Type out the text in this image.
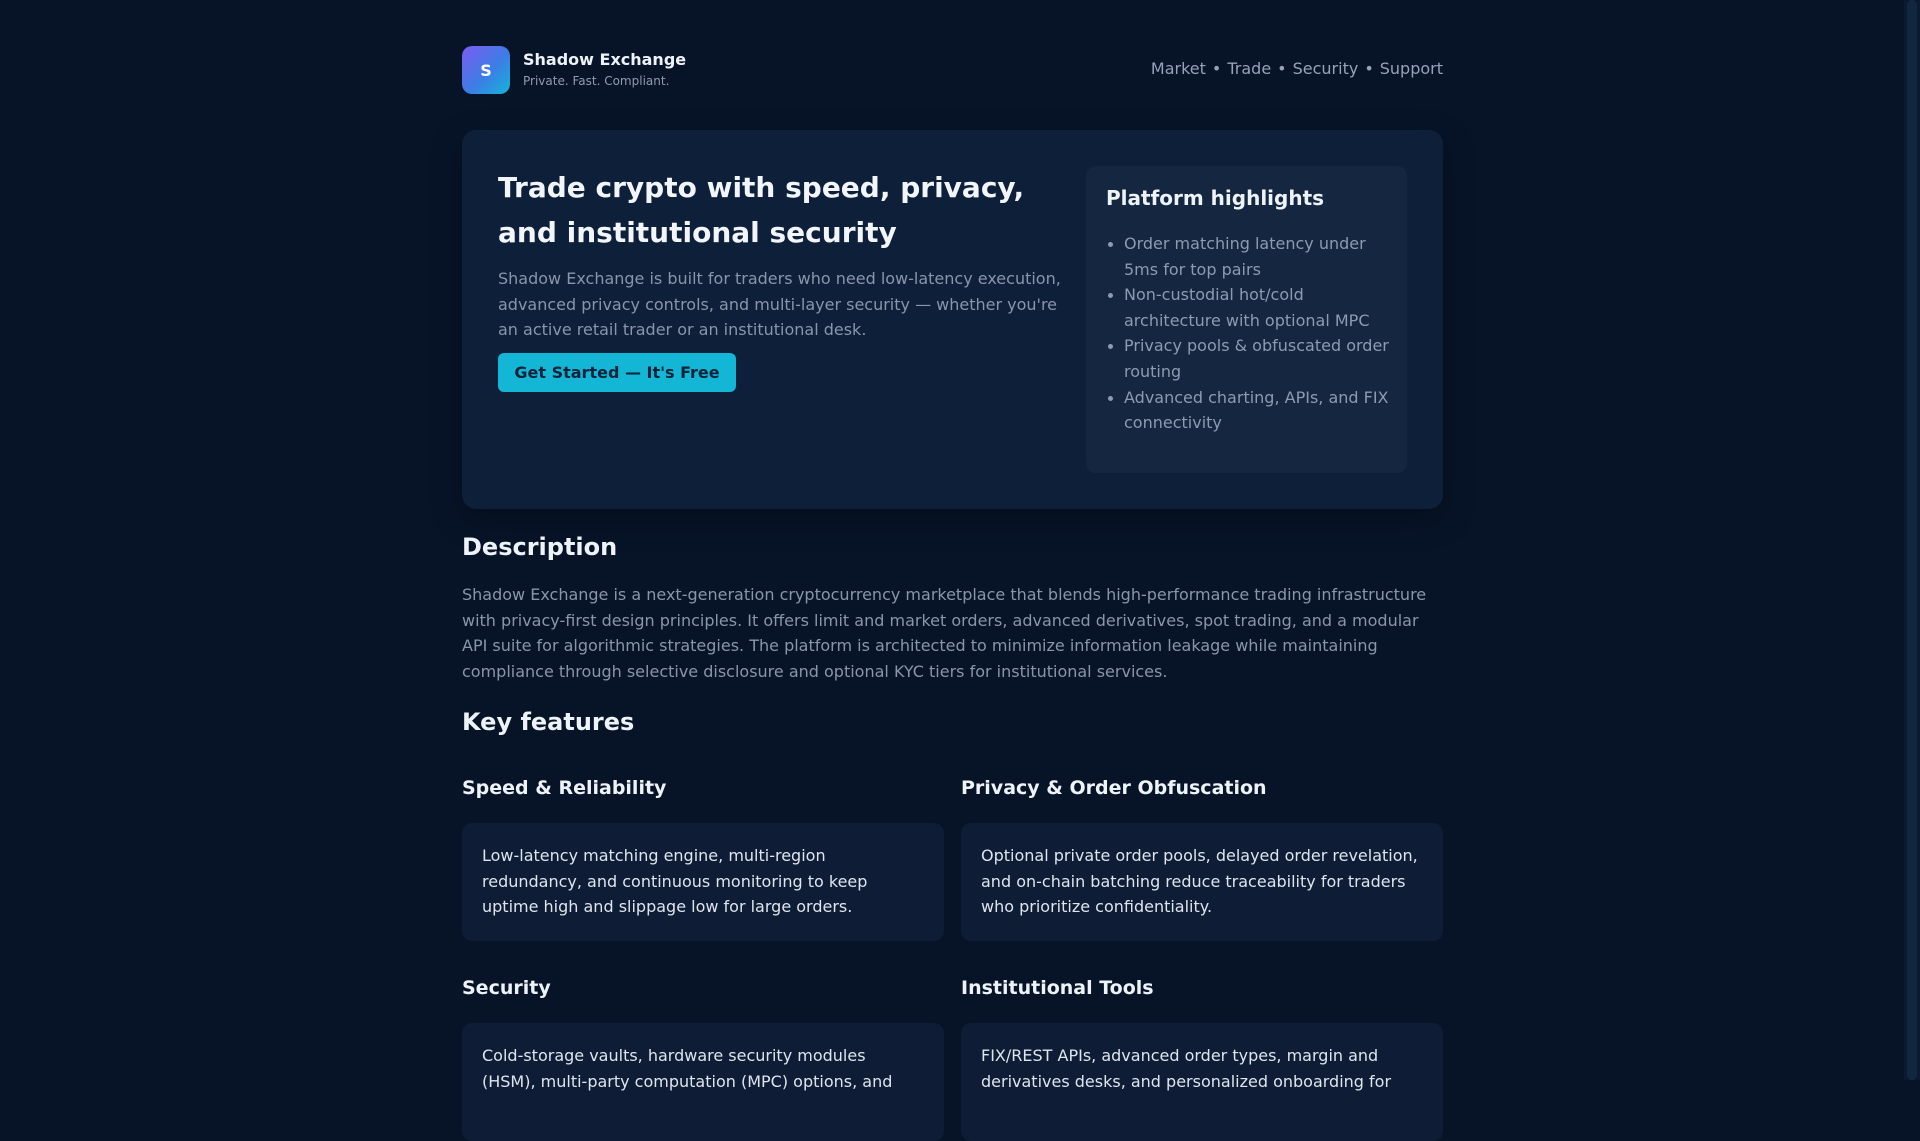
S
Shadow Exchange
Private. Fast. Compliant.
Market • Trade • Security • Support
Trade crypto with speed, privacy, and institutional security

Shadow Exchange is built for traders who need low-latency execution, advanced privacy controls, and multi-layer security — whether you're an active retail trader or an institutional desk.

Get Started — It's Free
Platform highlights
Order matching latency under 5ms for top pairs
Non-custodial hot/cold architecture with optional MPC
Privacy pools & obfuscated order routing
Advanced charting, APIs, and FIX connectivity
Description

Shadow Exchange is a next-generation cryptocurrency marketplace that blends high-performance trading infrastructure with privacy-first design principles. It offers limit and market orders, advanced derivatives, spot trading, and a modular API suite for algorithmic strategies. The platform is architected to minimize information leakage while maintaining compliance through selective disclosure and optional KYC tiers for institutional services.

Key features
Speed & Reliability
Low-latency matching engine, multi-region redundancy, and continuous monitoring to keep uptime high and slippage low for large orders.
Privacy & Order Obfuscation
Optional private order pools, delayed order revelation, and on-chain batching reduce traceability for traders who prioritize confidentiality.
Security
Cold-storage vaults, hardware security modules (HSM), multi-party computation (MPC) options, and
Institutional Tools
FIX/REST APIs, advanced order types, margin and derivatives desks, and personalized onboarding for
